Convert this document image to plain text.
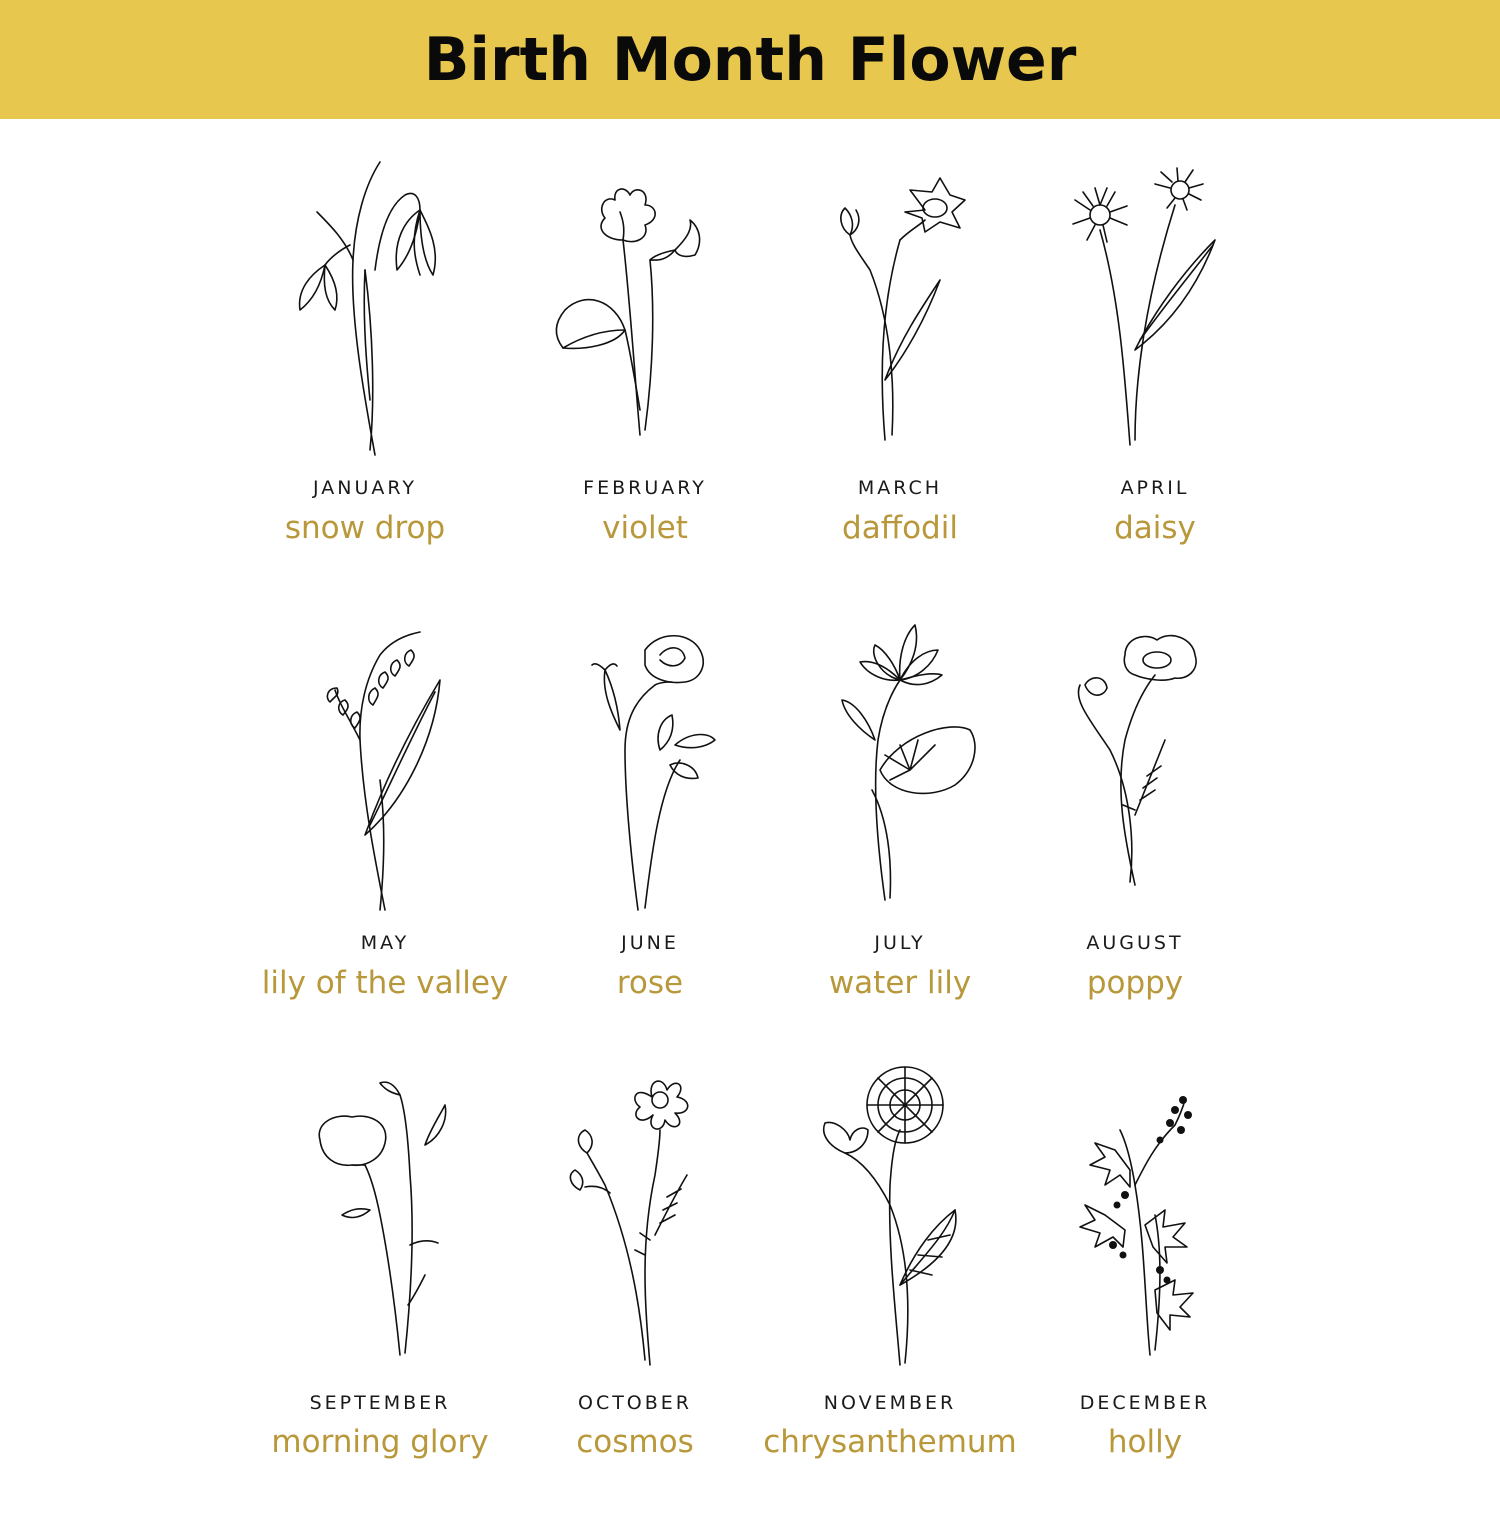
Birth Month Flower
JANUARY
snow drop
FEBRUARY
violet
MARCH
daffodil
APRIL
daisy
MAY
lily of the valley
JUNE
rose
JULY
water lily
AUGUST
poppy
SEPTEMBER
morning glory
OCTOBER
cosmos
NOVEMBER
chrysanthemum
DECEMBER
holly
